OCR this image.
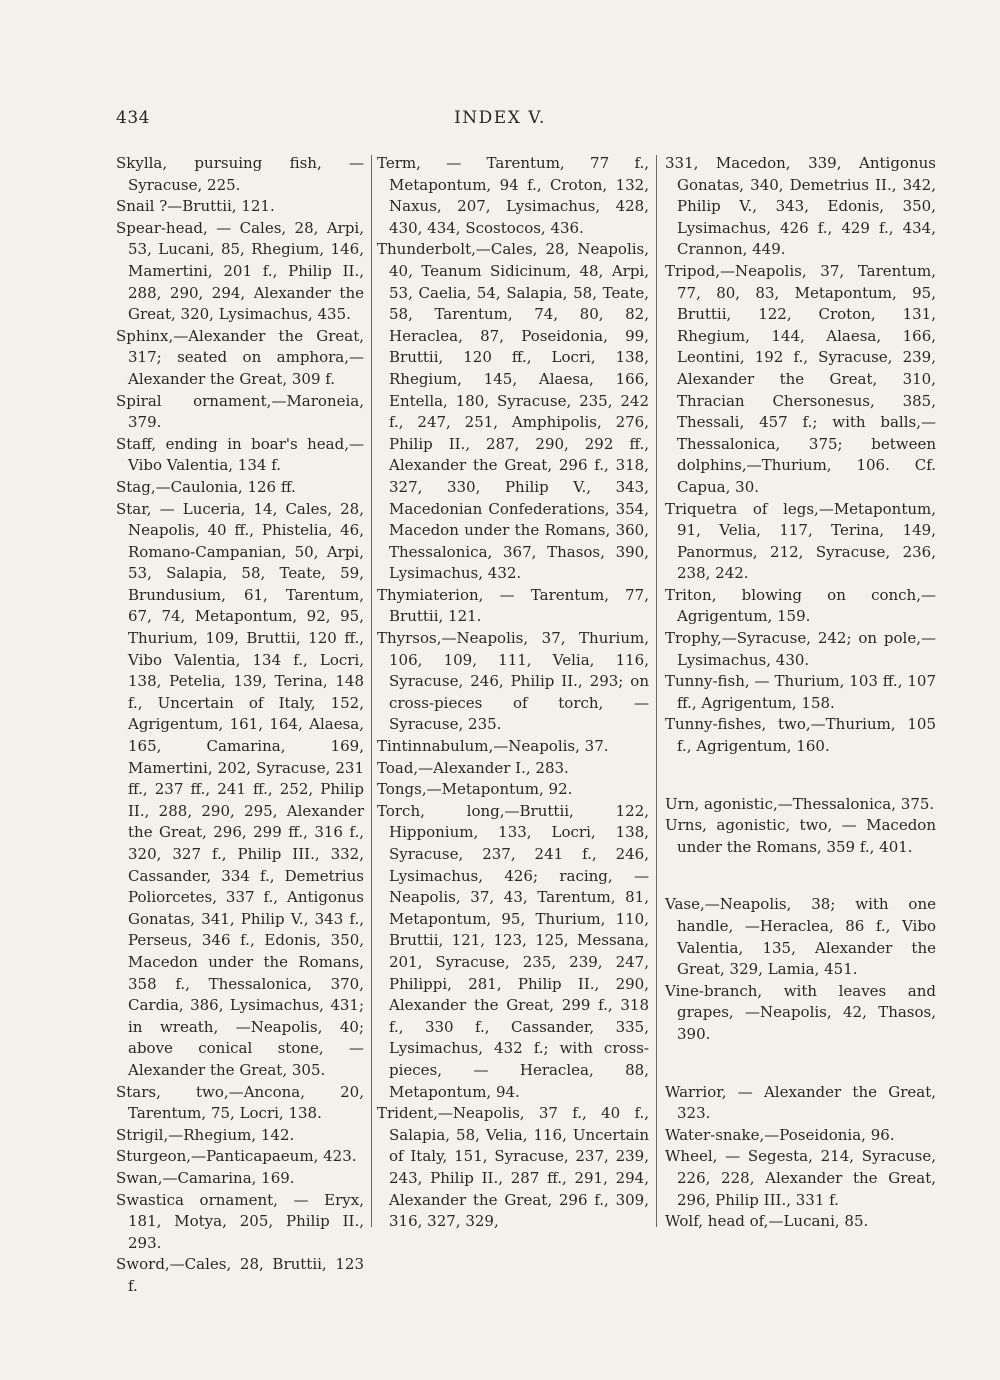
434	INDEX V.

Skylla, pursuing fish, — Syracuse, 225.

Snail ?—Bruttii, 121.

Spear-head, — Cales, 28, Arpi, 53, Lucani, 85, Rhegium, 146, Mamertini, 201 f., Philip II., 288, 290, 294, Alexander the Great, 320, Lysimachus, 435.

Sphinx,—Alexander the Great, 317; seated on amphora,—Alexander the Great, 309 f.

Spiral ornament,—Maroneia, 379.

Staff, ending in boar's head,—Vibo Valentia, 134 f.

Stag,—Caulonia, 126 ff.

Star, — Luceria, 14, Cales, 28, Neapolis, 40 ff., Phistelia, 46, Romano-Campanian, 50, Arpi, 53, Salapia, 58, Teate, 59, Brundusium, 61, Tarentum, 67, 74, Metapontum, 92, 95, Thurium, 109, Bruttii, 120 ff., Vibo Valentia, 134 f., Locri, 138, Petelia, 139, Terina, 148 f., Uncertain of Italy, 152, Agrigentum, 161, 164, Alaesa, 165, Camarina, 169, Mamertini, 202, Syracuse, 231 ff., 237 ff., 241 ff., 252, Philip II., 288, 290, 295, Alexander the Great, 296, 299 ff., 316 f., 320, 327 f., Philip III., 332, Cassander, 334 f., Demetrius Poliorcetes, 337 f., Antigonus Gonatas, 341, Philip V., 343 f., Perseus, 346 f., Edonis, 350, Macedon under the Romans, 358 f., Thessalonica, 370, Cardia, 386, Lysimachus, 431; in wreath, —Neapolis, 40; above conical stone, — Alexander the Great, 305.

Stars, two,—Ancona, 20, Tarentum, 75, Locri, 138.

Strigil,—Rhegium, 142.

Sturgeon,—Panticapaeum, 423.

Swan,—Camarina, 169.

Swastica ornament, — Eryx, 181, Motya, 205, Philip II., 293.

Sword,—Cales, 28, Bruttii, 123 f.

Term, — Tarentum, 77 f., Metapontum, 94 f., Croton, 132, Naxus, 207, Lysimachus, 428, 430, 434, Scostocos, 436.

Thunderbolt,—Cales, 28, Neapolis, 40, Teanum Sidicinum, 48, Arpi, 53, Caelia, 54, Salapia, 58, Teate, 58, Tarentum, 74, 80, 82, Heraclea, 87, Poseidonia, 99, Bruttii, 120 ff., Locri, 138, Rhegium, 145, Alaesa, 166, Entella, 180, Syracuse, 235, 242 f., 247, 251, Amphipolis, 276, Philip II., 287, 290, 292 ff., Alexander the Great, 296 f., 318, 327, 330, Philip V., 343, Macedonian Confederations, 354, Macedon under the Romans, 360, Thessalonica, 367, Thasos, 390, Lysimachus, 432.

Thymiaterion, — Tarentum, 77, Bruttii, 121.

Thyrsos,—Neapolis, 37, Thurium, 106, 109, 111, Velia, 116, Syracuse, 246, Philip II., 293; on cross-pieces of torch, — Syracuse, 235.

Tintinnabulum,—Neapolis, 37.

Toad,—Alexander I., 283.

Tongs,—Metapontum, 92.

Torch, long,—Bruttii, 122, Hipponium, 133, Locri, 138, Syracuse, 237, 241 f., 246, Lysimachus, 426; racing, —Neapolis, 37, 43, Tarentum, 81, Metapontum, 95, Thurium, 110, Bruttii, 121, 123, 125, Messana, 201, Syracuse, 235, 239, 247, Philippi, 281, Philip II., 290, Alexander the Great, 299 f., 318 f., 330 f., Cassander, 335, Lysimachus, 432 f.; with cross-pieces, — Heraclea, 88, Metapontum, 94.

Trident,—Neapolis, 37 f., 40 f., Salapia, 58, Velia, 116, Uncertain of Italy, 151, Syracuse, 237, 239, 243, Philip II., 287 ff., 291, 294, Alexander the Great, 296 f., 309, 316, 327, 329,

331, Macedon, 339, Antigonus Gonatas, 340, Demetrius II., 342, Philip V., 343, Edonis, 350, Lysimachus, 426 f., 429 f., 434, Crannon, 449.

Tripod,—Neapolis, 37, Tarentum, 77, 80, 83, Metapontum, 95, Bruttii, 122, Croton, 131, Rhegium, 144, Alaesa, 166, Leontini, 192 f., Syracuse, 239, Alexander the Great, 310, Thracian Chersonesus, 385, Thessali, 457 f.; with balls,— Thessalonica, 375; between dolphins,—Thurium, 106. Cf. Capua, 30.

Triquetra of legs,—Metapontum, 91, Velia, 117, Terina, 149, Panormus, 212, Syracuse, 236, 238, 242.

Triton, blowing on conch,—Agrigentum, 159.

Trophy,—Syracuse, 242; on pole,— Lysimachus, 430.

Tunny-fish, — Thurium, 103 ff., 107 ff., Agrigentum, 158.

Tunny-fishes, two,—Thurium, 105 f., Agrigentum, 160.

Urn, agonistic,—Thessalonica, 375.

Urns, agonistic, two, — Macedon under the Romans, 359 f., 401.

Vase,—Neapolis, 38; with one handle, —Heraclea, 86 f., Vibo Valentia, 135, Alexander the Great, 329, Lamia, 451.

Vine-branch, with leaves and grapes, —Neapolis, 42, Thasos, 390.

Warrior, — Alexander the Great, 323.

Water-snake,—Poseidonia, 96.

Wheel, — Segesta, 214, Syracuse, 226, 228, Alexander the Great, 296, Philip III., 331 f.

Wolf, head of,—Lucani, 85.
